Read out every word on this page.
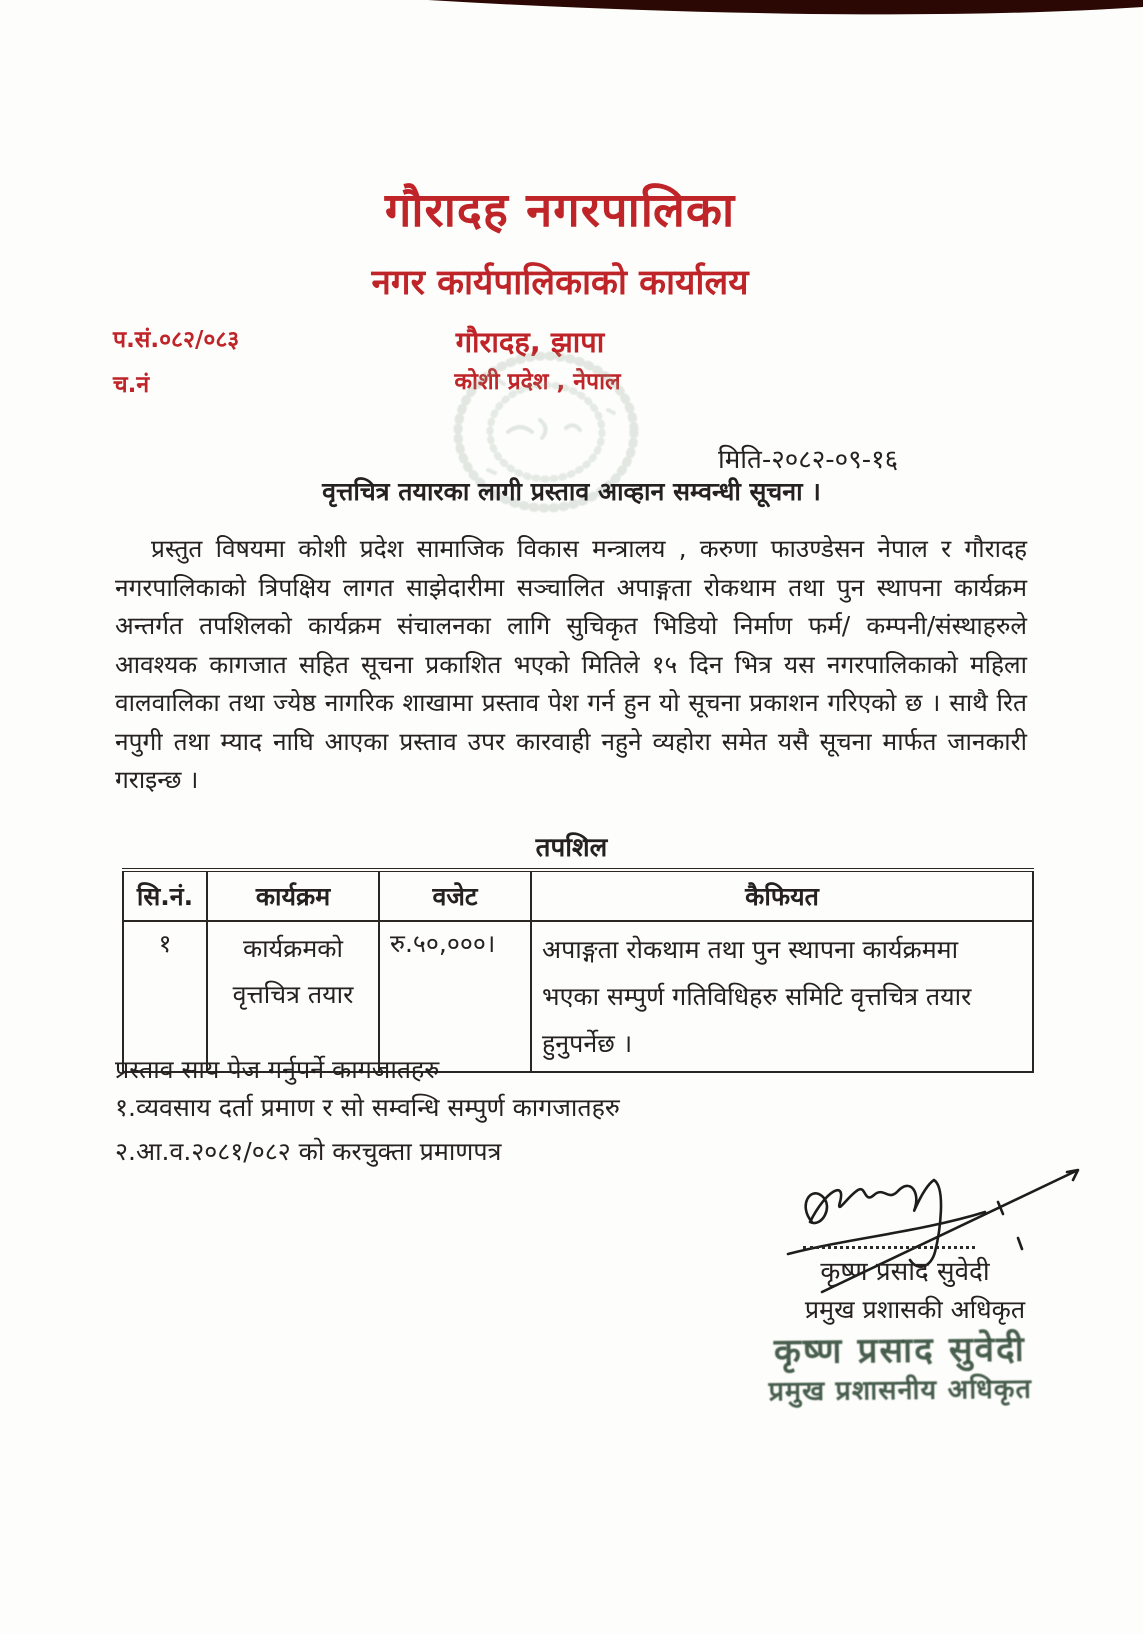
गौरादह नगरपालिका
नगर कार्यपालिकाको कार्यालय
प.सं.०८२/०८३
च.नं
गौरादह, झापा
कोशी प्रदेश , नेपाल
मिति-२०८२-०९-१६
वृत्तचित्र तयारका लागी प्रस्ताव आव्हान सम्वन्धी सूचना ।
प्रस्तुत विषयमा कोशी प्रदेश सामाजिक विकास मन्त्रालय , करुणा फाउण्डेसन नेपाल र गौरादह नगरपालिकाको त्रिपक्षिय लागत साझेदारीमा सञ्चालित अपाङ्गता रोकथाम तथा पुन स्थापना कार्यक्रम अन्तर्गत तपशिलको कार्यक्रम संचालनका लागि सुचिकृत भिडियो निर्माण फर्म/ कम्पनी/संस्थाहरुले आवश्यक कागजात सहित सूचना प्रकाशित भएको मितिले १५ दिन भित्र यस नगरपालिकाको महिला वालवालिका तथा ज्येष्ठ नागरिक शाखामा प्रस्ताव पेश गर्न हुन यो सूचना प्रकाशन गरिएको छ । साथै रित नपुगी तथा म्याद नाघि आएका प्रस्ताव उपर कारवाही नहुने व्यहोरा समेत यसै सूचना मार्फत जानकारी गराइन्छ ।
तपशिल
सि.नं.	कार्यक्रम	वजेट	कैफियत
१	कार्यक्रमको वृत्तचित्र तयार	रु.५०,०००।	अपाङ्गता रोकथाम तथा पुन स्थापना कार्यक्रममा भएका सम्पुर्ण गतिविधिहरु समिटि वृत्तचित्र तयार हुनुपर्नेछ ।
प्रस्ताव साय पेज गर्नुपर्ने कागजातहरु
१.व्यवसाय दर्ता प्रमाण र सो सम्वन्धि सम्पुर्ण कागजातहरु
२.आ.व.२०८१/०८२ को करचुक्ता प्रमाणपत्र
कृष्ण प्रसाद सुवेदी
प्रमुख प्रशासकी अधिकृत
कृष्ण प्रसाद सुवेदी
प्रमुख प्रशासनीय अधिकृत
